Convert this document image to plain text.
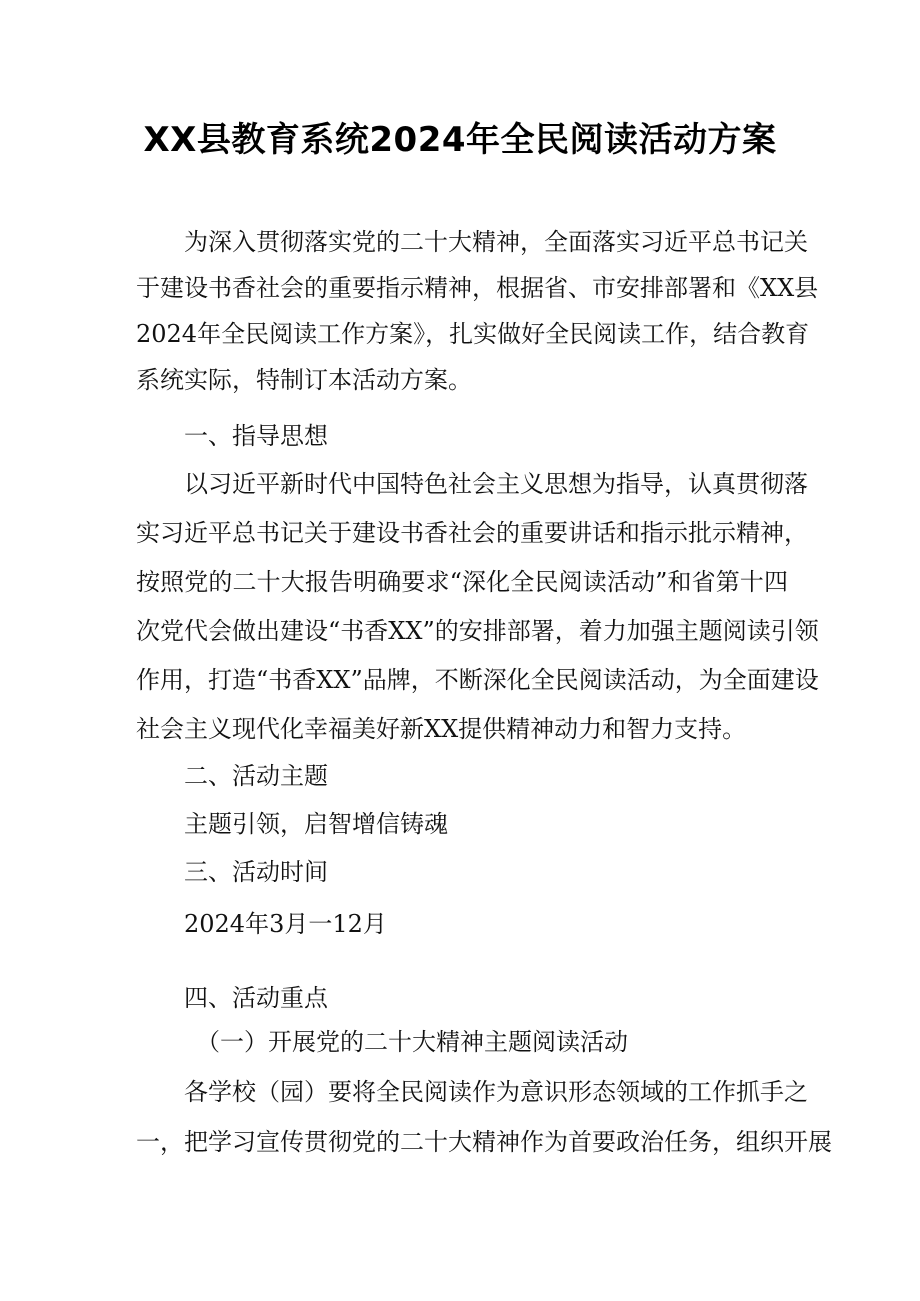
XX县教育系统2024年全民阅读活动方案
　　为深入贯彻落实党的二十大精神，全面落实习近平总书记关
于建设书香社会的重要指示精神，根据省、市安排部署和《XX县
2024年全民阅读工作方案》，扎实做好全民阅读工作，结合教育
系统实际，特制订本活动方案。
　　一、指导思想
　　以习近平新时代中国特色社会主义思想为指导，认真贯彻落
实习近平总书记关于建设书香社会的重要讲话和指示批示精神，
按照党的二十大报告明确要求“深化全民阅读活动”和省第十四
次党代会做出建设“书香XX”的安排部署，着力加强主题阅读引领
作用，打造“书香XX”品牌，不断深化全民阅读活动，为全面建设
社会主义现代化幸福美好新XX提供精神动力和智力支持。
　　二、活动主题
　　主题引领，启智增信铸魂
　　三、活动时间
　　2024年3月一12月
　　四、活动重点
　　　（一）开展党的二十大精神主题阅读活动
　　各学校（园）要将全民阅读作为意识形态领域的工作抓手之
一，把学习宣传贯彻党的二十大精神作为首要政治任务，组织开展
